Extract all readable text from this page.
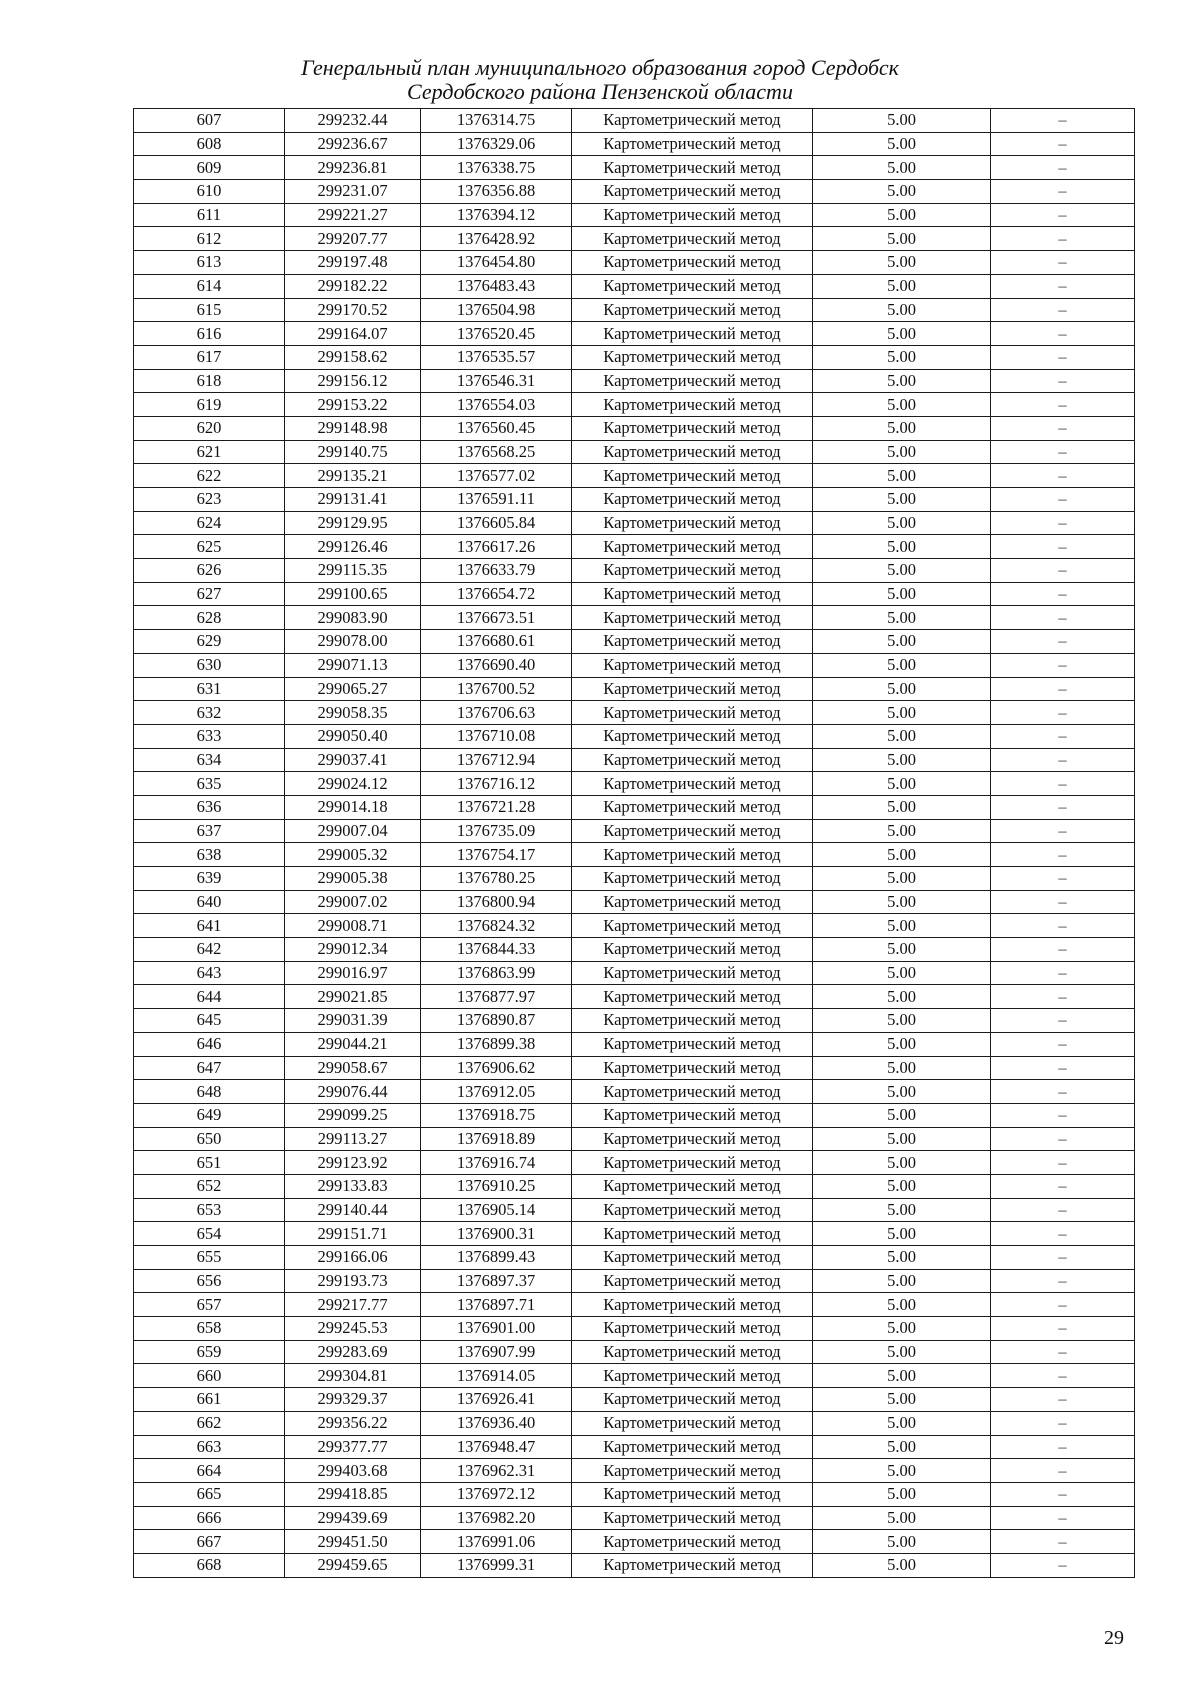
Генеральный план муниципального образования город Сердобск
Сердобского района Пензенской области
607	299232.44	1376314.75	Картометрический метод	5.00	–
608	299236.67	1376329.06	Картометрический метод	5.00	–
609	299236.81	1376338.75	Картометрический метод	5.00	–
610	299231.07	1376356.88	Картометрический метод	5.00	–
611	299221.27	1376394.12	Картометрический метод	5.00	–
612	299207.77	1376428.92	Картометрический метод	5.00	–
613	299197.48	1376454.80	Картометрический метод	5.00	–
614	299182.22	1376483.43	Картометрический метод	5.00	–
615	299170.52	1376504.98	Картометрический метод	5.00	–
616	299164.07	1376520.45	Картометрический метод	5.00	–
617	299158.62	1376535.57	Картометрический метод	5.00	–
618	299156.12	1376546.31	Картометрический метод	5.00	–
619	299153.22	1376554.03	Картометрический метод	5.00	–
620	299148.98	1376560.45	Картометрический метод	5.00	–
621	299140.75	1376568.25	Картометрический метод	5.00	–
622	299135.21	1376577.02	Картометрический метод	5.00	–
623	299131.41	1376591.11	Картометрический метод	5.00	–
624	299129.95	1376605.84	Картометрический метод	5.00	–
625	299126.46	1376617.26	Картометрический метод	5.00	–
626	299115.35	1376633.79	Картометрический метод	5.00	–
627	299100.65	1376654.72	Картометрический метод	5.00	–
628	299083.90	1376673.51	Картометрический метод	5.00	–
629	299078.00	1376680.61	Картометрический метод	5.00	–
630	299071.13	1376690.40	Картометрический метод	5.00	–
631	299065.27	1376700.52	Картометрический метод	5.00	–
632	299058.35	1376706.63	Картометрический метод	5.00	–
633	299050.40	1376710.08	Картометрический метод	5.00	–
634	299037.41	1376712.94	Картометрический метод	5.00	–
635	299024.12	1376716.12	Картометрический метод	5.00	–
636	299014.18	1376721.28	Картометрический метод	5.00	–
637	299007.04	1376735.09	Картометрический метод	5.00	–
638	299005.32	1376754.17	Картометрический метод	5.00	–
639	299005.38	1376780.25	Картометрический метод	5.00	–
640	299007.02	1376800.94	Картометрический метод	5.00	–
641	299008.71	1376824.32	Картометрический метод	5.00	–
642	299012.34	1376844.33	Картометрический метод	5.00	–
643	299016.97	1376863.99	Картометрический метод	5.00	–
644	299021.85	1376877.97	Картометрический метод	5.00	–
645	299031.39	1376890.87	Картометрический метод	5.00	–
646	299044.21	1376899.38	Картометрический метод	5.00	–
647	299058.67	1376906.62	Картометрический метод	5.00	–
648	299076.44	1376912.05	Картометрический метод	5.00	–
649	299099.25	1376918.75	Картометрический метод	5.00	–
650	299113.27	1376918.89	Картометрический метод	5.00	–
651	299123.92	1376916.74	Картометрический метод	5.00	–
652	299133.83	1376910.25	Картометрический метод	5.00	–
653	299140.44	1376905.14	Картометрический метод	5.00	–
654	299151.71	1376900.31	Картометрический метод	5.00	–
655	299166.06	1376899.43	Картометрический метод	5.00	–
656	299193.73	1376897.37	Картометрический метод	5.00	–
657	299217.77	1376897.71	Картометрический метод	5.00	–
658	299245.53	1376901.00	Картометрический метод	5.00	–
659	299283.69	1376907.99	Картометрический метод	5.00	–
660	299304.81	1376914.05	Картометрический метод	5.00	–
661	299329.37	1376926.41	Картометрический метод	5.00	–
662	299356.22	1376936.40	Картометрический метод	5.00	–
663	299377.77	1376948.47	Картометрический метод	5.00	–
664	299403.68	1376962.31	Картометрический метод	5.00	–
665	299418.85	1376972.12	Картометрический метод	5.00	–
666	299439.69	1376982.20	Картометрический метод	5.00	–
667	299451.50	1376991.06	Картометрический метод	5.00	–
668	299459.65	1376999.31	Картометрический метод	5.00	–
29
